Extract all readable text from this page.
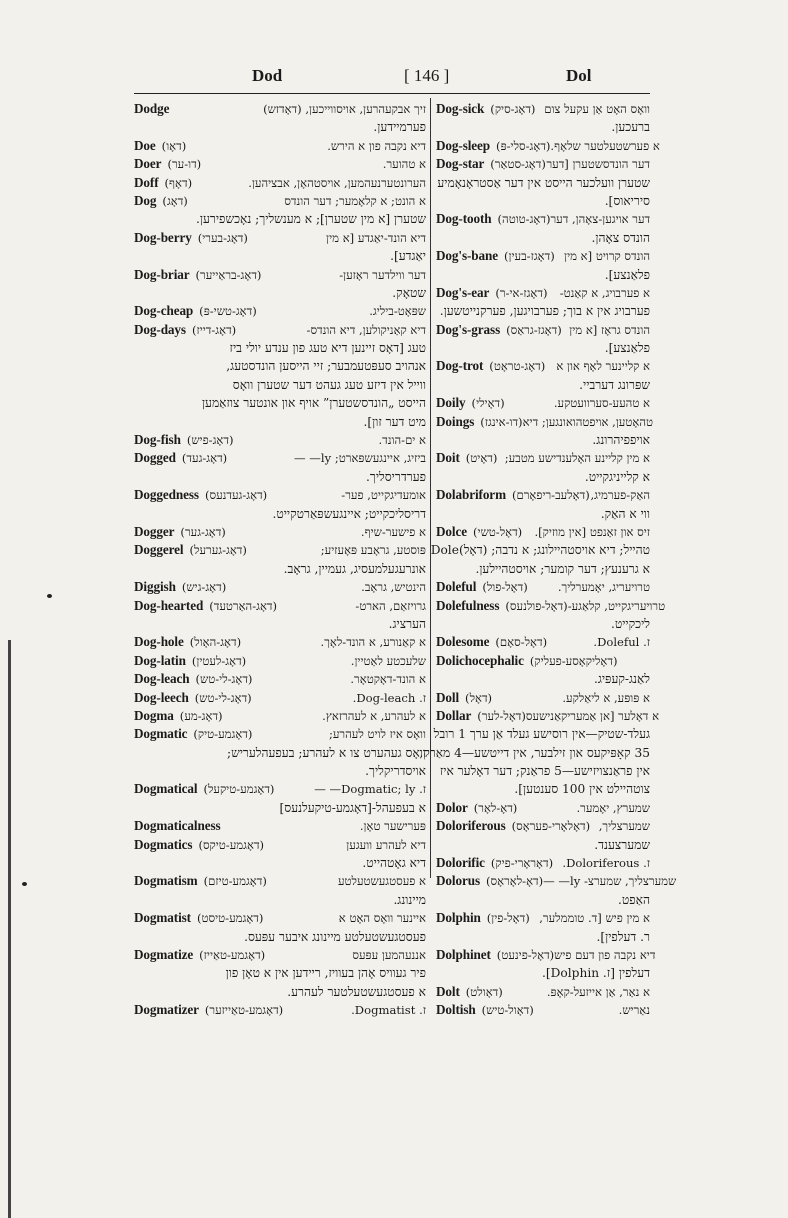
Dod	[ 146 ]	Dol
Dodge	זיך אבקעהרען, אויסווייכען, (דאָדזש)
פערמיידען.
Doe (דאָו)	דיא נקבה פון א הירש.
Doer (דו-ער)	א טהוער.
Doff (דאָף)	הערונטערנעהמען, אויסטהאָן, אבציהען.
Dog (דאָג)	א הונט; א קלאָמער; דער הונדס
שטערן [א מין שטערן]; א מענשליך; נאָכשפירען.
Dog-berry (דאָג-בערי)	דיא הונד-יאַגדע [א מין
יאַגדע].
Dog-briar (דאָג-בראַייער)	דער ווילדער ראָזען-
שטאָק.
Dog-cheap (דאָג-טשי-פּ)	שפּאָט-ביליג.
Dog-days (דאָג-דייז)	דיא קאַניקולען, דיא הונדס-
טעג [דאָס זיינען דיא טעג פון ענדע יולי ביז
אנהויב סעפּטעמבער; זיי הייסען הונדסטעג,
ווייל אין דיזע טעג געהט דער שטערן וואָס
הייסט „הונדסשטערן” אויף און אונטער צוזאַמען
מיט דער זון].
Dog-fish (דאָג-פיש)	א ים-הונד.
Dogged (דאָג-געד)	ביזיג, איינגעשפּארט; ly— —
פערדריסליך.
Doggedness (דאָג-געדנעס)	אומעדיגקייט, פער-
דריסליכקייט; איינגעשפּאַרטקייט.
Dogger (דאָג-גער)	א פישער-שיף.
Doggerel (דאָג-גערעל)	פּוסטע, גראָבע פּאָעזיע;
אונרעגעלמעסיג, געמיין, גראָב.
Diggish (דאָג-גיש)	הינטיש, גראָב.
Dog-hearted (דאָג-האַרטעד)	גרויזאַם, הארט-
הערציג.
Dog-hole (דאָג-האָול)	א קאַנורע, א הונד-לאָך.
Dog-latin (דאָג-לעטין)	שלעכטע לאַטיין.
Dog-leach (דאָג-לי-טש)	א הונד-דאָקטאָר.
Dog-leech (דאָג-לי-טש)	ז. Dog-leach.
Dogma (דאָג-מע)	א לעהרע, א לעהרזאץ.
Dogmatic (דאָגמע-טיק)	וואָס איז לויט לעהרע;
וואָס געהערט צו א לעהרע; בעפעהלעריש;
אויסדריקליך.
Dogmatical (דאָגמע-טיקעל)	ז. Dogmatic; ly— —
א בעפעהל-[דאָגמע-טיקעלנעס]
Dogmaticalness	פּערישער טאָן.
Dogmatics (דאָגמע-טיקס)	דיא לעהרע וועגען
דיא גאָטהייט.
Dogmatism (דאָגמע-טיזם)	א פעסטגעשטעלטע
מיינונג.
Dogmatist (דאָגמע-טיסט)	איינער וואָס האָט א
פעסטגעשטעלטע מיינונג איבער עפּעס.
Dogmatize (דאָגמע-טאַייז)	אננעהמען עפּעס
פיר געוויס אָהן בעוויז, ריידען אין א טאָן פון
א פעסטגעשטעלטער לעהרע.
Dogmatizer (דאָגמע-טאַייזער)	ז. Dogmatist.
Dog-sick (דאָג-סיק) וואָס האָט אַן עקעל צום
ברעכען.
Dog-sleep (דאָג-סלי-פּ) א פערשטעלטער שלאָף.
Dog-star (דאָג-סטאַר) דער הונדסשטערן [דער
שטערן וועלכער הייסט אין דער אַסטראָנאָמיע
סיריאוס].
Dog-tooth (דאָג-טוטה) דער אויגען-צאָהן, דער
הונדס צאָהן.
Dog's-bane (דאָגז-בעין) הונדס קרויט [א מין
פלאַנצע].
Dog's-ear (דאָגז-אי-ר) א פערבויג, א קאַנט-
פערבויג אין א בוך; פערבויגען, פערקנייטשען.
Dog's-grass (דאָגז-גראַס) הונדס גראָז [א מין
פלאַנצע].
Dog-trot (דאָג-טראָט) א קליינער לאָף און א
שפּרונג דערביי.
Doily (דאָילי)	א טהעע-סערוועטקע.
Doings (דו-אינגז) טהאָטען, אויפטהואונגען; דיא
אויפפיהרונג.
Doit (דאָיט) א מין קליינע האָלענדישע מטבע;
א קלייניגקייט.
Dolabriform (דאָלעב-ריפאָרם) האַק-פערמיג,
ווי א האַק.
Dolce (דאָל-טשי) זיס און זאַנפט [אין מוזיק].
טהייל; דיא אויסטהיילונג; א נדבה; (דאָל)Dole
א גרענעץ; דער קומער; אויסטהיילען.
Doleful (דאָל-פול)	טרויעריג, יאָמערליך.
Dolefulness (דאָל-פולנעס) טרויעריגקייט, קלאַגע-
ליכקייט.
Dolesome (דאָל-סאָם)	ז. Doleful.
Dolichocephalic (דאָליקאָסע-פעליק)
לאַנג-קעפּיג.
Doll (דאָל)	א פּופּע, א ליאַלקע.
Dollar (דאָל-לער) א דאָלער [אן אַמעריקאַנישעס
געלד-שטיק—אין רוסישע געלד אַן ערך 1 רובל
35 קאָפּיקעס און זילבער, אין דייטשע—4 מאַרק,
אין פראַנצויזישע—5 פראַנק; דער דאָלער איז
צוטהיילט אין 100 סענטען].
Dolor (דאָ-לאָר)	שמערץ, יאָמער.
Doloriferous (דאָלאָרי-פעראָס) שמערצליך,
שמערצענד.
Dolorific (דאָראָרי-פיק) ז. Doloriferous.
Dolorus (דאָ-לאָראָס) שמערצליך, שמערצ- ly— —
האַפט.
Dolphin (דאָל-פין) א מין פיש [ד. טוממלער,
ר. דעלפין].
Dolphinet (דאָל-פינעט) דיא נקבה פון דעם פיש
דעלפין [ז. Dolphin].
Dolt (דאָולט)	א נאַר, אַן אייזעל-קאָפּ.
Doltish (דאָול-טיש)	נאַריש.
